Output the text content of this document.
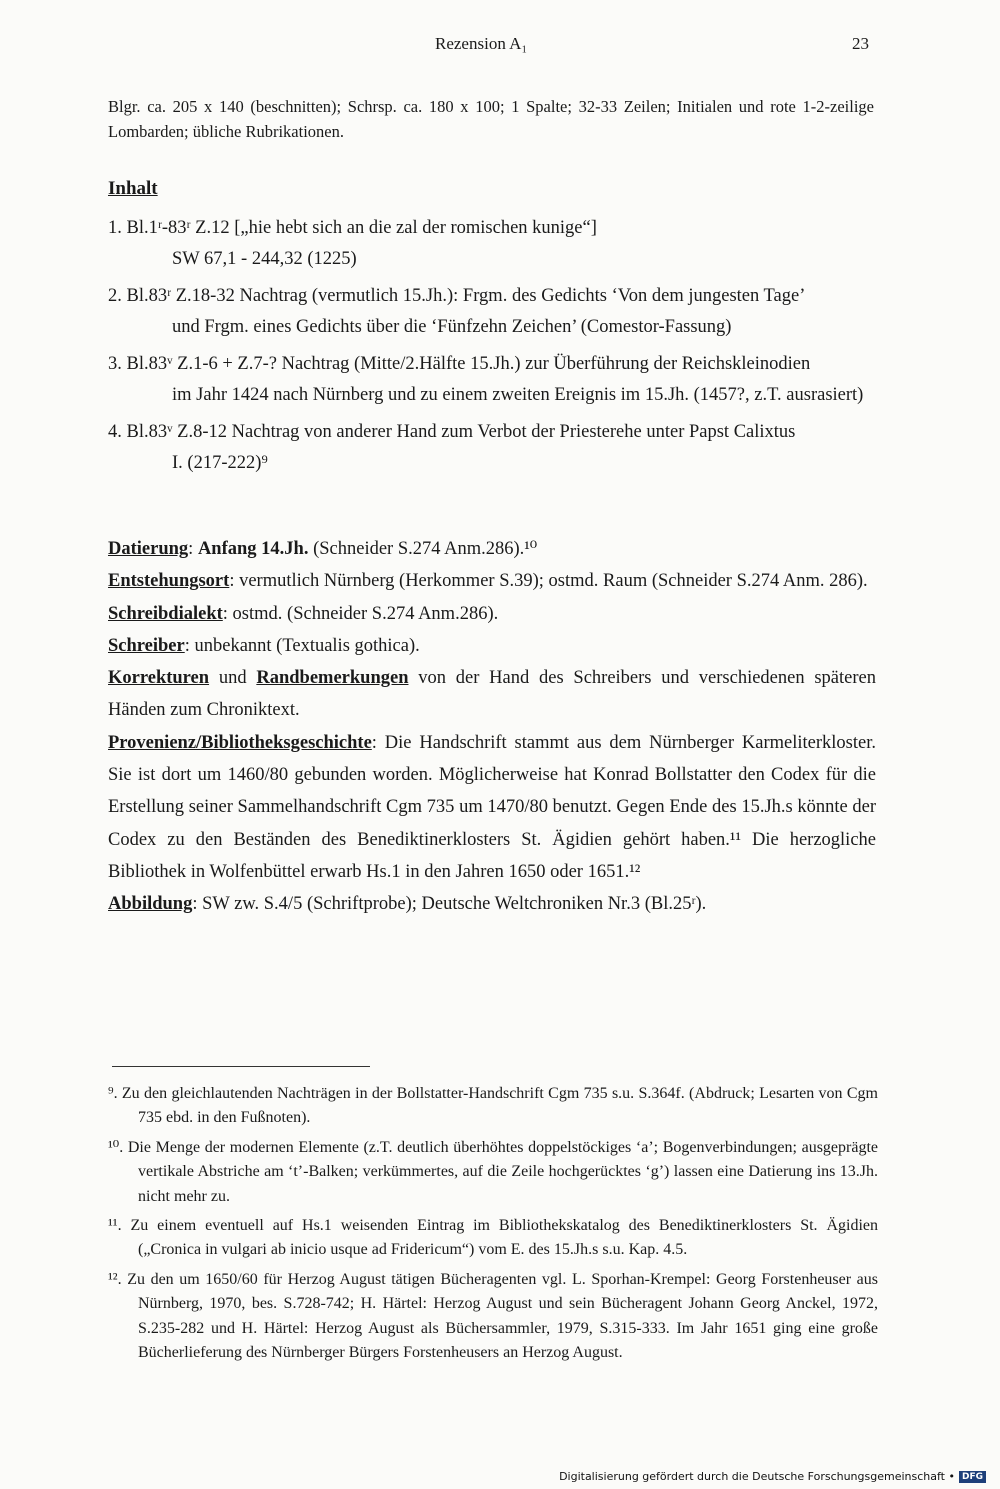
Rezension A₁	23
Blgr. ca. 205 x 140 (beschnitten); Schrsp. ca. 180 x 100; 1 Spalte; 32-33 Zeilen; Initialen und rote 1-2-zeilige Lombarden; übliche Rubrikationen.
Inhalt
1. Bl.1ʳ-83ʳ Z.12 [„hie hebt sich an die zal der romischen kunige“]
SW 67,1 - 244,32 (1225)
2. Bl.83ʳ Z.18-32 Nachtrag (vermutlich 15.Jh.): Frgm. des Gedichts ‘Von dem jungesten Tage’
und Frgm. eines Gedichts über die ‘Fünfzehn Zeichen’ (Comestor-Fassung)
3. Bl.83ᵛ Z.1-6 + Z.7-? Nachtrag (Mitte/2.Hälfte 15.Jh.) zur Überführung der Reichskleinodien
im Jahr 1424 nach Nürnberg und zu einem zweiten Ereignis im 15.Jh. (1457?, z.T. ausrasiert)
4. Bl.83ᵛ Z.8-12 Nachtrag von anderer Hand zum Verbot der Priesterehe unter Papst Calixtus
I. (217-222)⁹

Datierung: Anfang 14.Jh. (Schneider S.274 Anm.286).¹⁰

Entstehungsort: vermutlich Nürnberg (Herkommer S.39); ostmd. Raum (Schneider S.274 Anm. 286).

Schreibdialekt: ostmd. (Schneider S.274 Anm.286).

Schreiber: unbekannt (Textualis gothica).

Korrekturen und Randbemerkungen von der Hand des Schreibers und verschiedenen späteren Händen zum Chroniktext.

Provenienz/Bibliotheksgeschichte: Die Handschrift stammt aus dem Nürnberger Karmeliterkloster. Sie ist dort um 1460/80 gebunden worden. Möglicherweise hat Konrad Bollstatter den Codex für die Erstellung seiner Sammelhandschrift Cgm 735 um 1470/80 benutzt. Gegen Ende des 15.Jh.s könnte der Codex zu den Beständen des Benediktinerklosters St. Ägidien gehört haben.¹¹ Die herzogliche Bibliothek in Wolfenbüttel erwarb Hs.1 in den Jahren 1650 oder 1651.¹²

Abbildung: SW zw. S.4/5 (Schriftprobe); Deutsche Weltchroniken Nr.3 (Bl.25ʳ).

⁹. Zu den gleichlautenden Nachträgen in der Bollstatter-Handschrift Cgm 735 s.u. S.364f. (Abdruck; Lesarten von Cgm 735 ebd. in den Fußnoten).
¹⁰. Die Menge der modernen Elemente (z.T. deutlich überhöhtes doppelstöckiges ‘a’; Bogenverbindungen; ausgeprägte vertikale Abstriche am ‘t’-Balken; verkümmertes, auf die Zeile hochgerücktes ‘g’) lassen eine Datierung ins 13.Jh. nicht mehr zu.
¹¹. Zu einem eventuell auf Hs.1 weisenden Eintrag im Bibliothekskatalog des Benediktinerklosters St. Ägidien („Cronica in vulgari ab inicio usque ad Fridericum“) vom E. des 15.Jh.s s.u. Kap. 4.5.
¹². Zu den um 1650/60 für Herzog August tätigen Bücheragenten vgl. L. Sporhan-Krempel: Georg Forstenheuser aus Nürnberg, 1970, bes. S.728-742; H. Härtel: Herzog August und sein Bücheragent Johann Georg Anckel, 1972, S.235-282 und H. Härtel: Herzog August als Büchersammler, 1979, S.315-333. Im Jahr 1651 ging eine große Bücherlieferung des Nürnberger Bürgers Forstenheusers an Herzog August.
Digitalisierung gefördert durch die Deutsche Forschungsgemeinschaft • DFG
